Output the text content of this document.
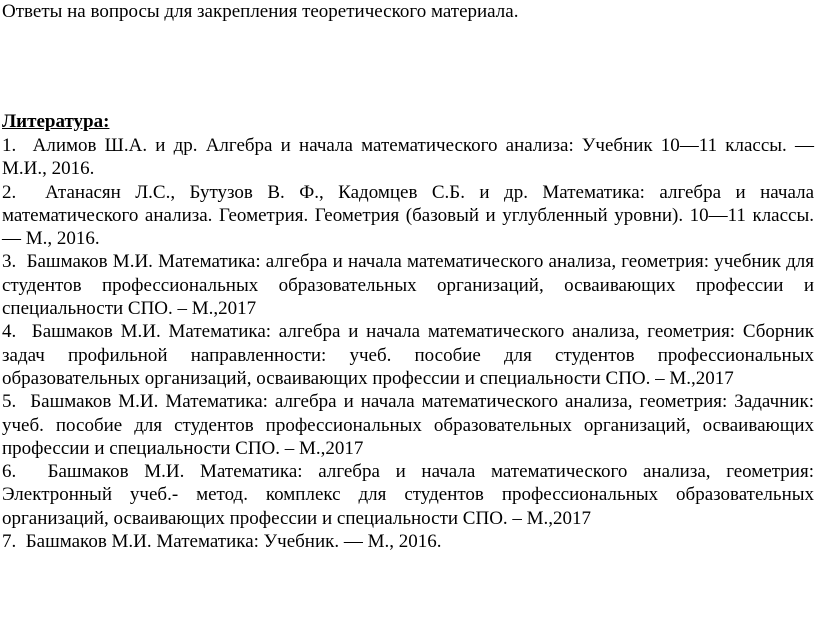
Ответы на вопросы для закрепления теоретического материала.
Литература:
1. Алимов Ш.А. и др. Алгебра и начала математического анализа: Учебник 10—11 классы. — М.И., 2016.
2. Атанасян Л.С., Бутузов В. Ф., Кадомцев С.Б. и др. Математика: алгебра и начала математического анализа. Геометрия. Геометрия (базовый и углубленный уровни). 10—11 классы. — М., 2016.
3. Башмаков М.И. Математика: алгебра и начала математического анализа, геометрия: учебник для студентов профессиональных образовательных организаций, осваивающих профессии и специальности СПО. – М.,2017
4. Башмаков М.И. Математика: алгебра и начала математического анализа, геометрия: Сборник задач профильной направленности: учеб. пособие для студентов профессиональных образовательных организаций, осваивающих профессии и специальности СПО. – М.,2017
5. Башмаков М.И. Математика: алгебра и начала математического анализа, геометрия: Задачник: учеб. пособие для студентов профессиональных образовательных организаций, осваивающих профессии и специальности СПО. – М.,2017
6. Башмаков М.И. Математика: алгебра и начала математического анализа, геометрия: Электронный учеб.- метод. комплекс для студентов профессиональных образовательных организаций, осваивающих профессии и специальности СПО. – М.,2017
7. Башмаков М.И. Математика: Учебник. — М., 2016.
